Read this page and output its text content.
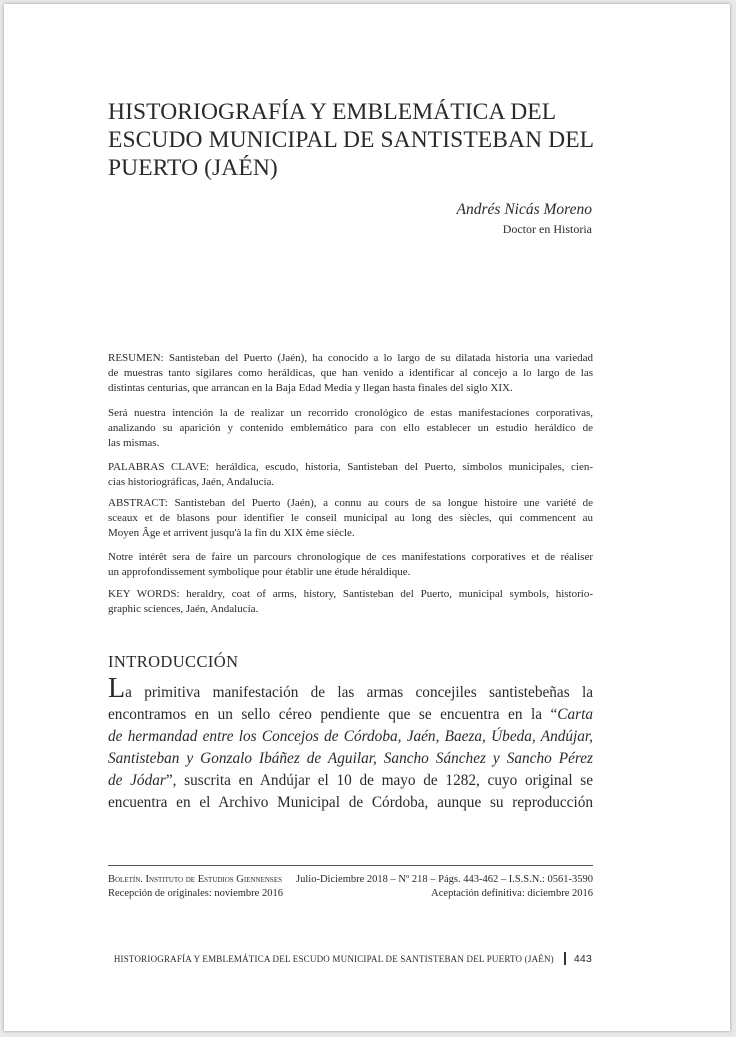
HISTORIOGRAFÍA Y EMBLEMÁTICA DEL
ESCUDO MUNICIPAL DE SANTISTEBAN DEL
PUERTO (JAÉN)
Andrés Nicás Moreno
Doctor en Historia

RESUMEN: Santisteban del Puerto (Jaén), ha conocido a lo largo de su dilatada historia una variedad
de muestras tanto sigilares como heráldicas, que han venido a identificar al concejo a lo largo de las
distintas centurias, que arrancan en la Baja Edad Media y llegan hasta finales del siglo XIX.

Será nuestra intención la de realizar un recorrido cronológico de estas manifestaciones corporativas,
analizando su aparición y contenido emblemático para con ello establecer un estudio heráldico de
las mismas.

PALABRAS CLAVE: heráldica, escudo, historia, Santisteban del Puerto, símbolos municipales, cien-
cias historiográficas, Jaén, Andalucía.

ABSTRACT: Santisteban del Puerto (Jaén), a connu au cours de sa longue histoire une variété de
sceaux et de blasons pour identifier le conseil municipal au long des siècles, qui commencent au
Moyen Âge et arrivent jusqu'à la fin du XIX ème siècle.

Notre intérêt sera de faire un parcours chronologique de ces manifestations corporatives et de réaliser
un approfondissement symbolique pour établir une étude héraldique.

KEY WORDS: heraldry, coat of arms, history, Santisteban del Puerto, municipal symbols, historio-
graphic sciences, Jaén, Andalucía.

INTRODUCCIÓN

La primitiva manifestación de las armas concejiles santistebeñas la
encontramos en un sello céreo pendiente que se encuentra en la “Carta
de hermandad entre los Concejos de Córdoba, Jaén, Baeza, Úbeda, Andújar,
Santisteban y Gonzalo Ibáñez de Aguilar, Sancho Sánchez y Sancho Pérez
de Jódar”, suscrita en Andújar el 10 de mayo de 1282, cuyo original se
encuentra en el Archivo Municipal de Córdoba, aunque su reproducción

Boletín. Instituto de Estudios Giennenses Julio-Diciembre 2018 – Nº 218 – Págs. 443-462 – I.S.S.N.: 0561-3590
Recepción de originales: noviembre 2016	Aceptación definitiva: diciembre 2016
HISTORIOGRAFÍA Y EMBLEMÁTICA DEL ESCUDO MUNICIPAL DE SANTISTEBAN DEL PUERTO (JAÉN) 443
